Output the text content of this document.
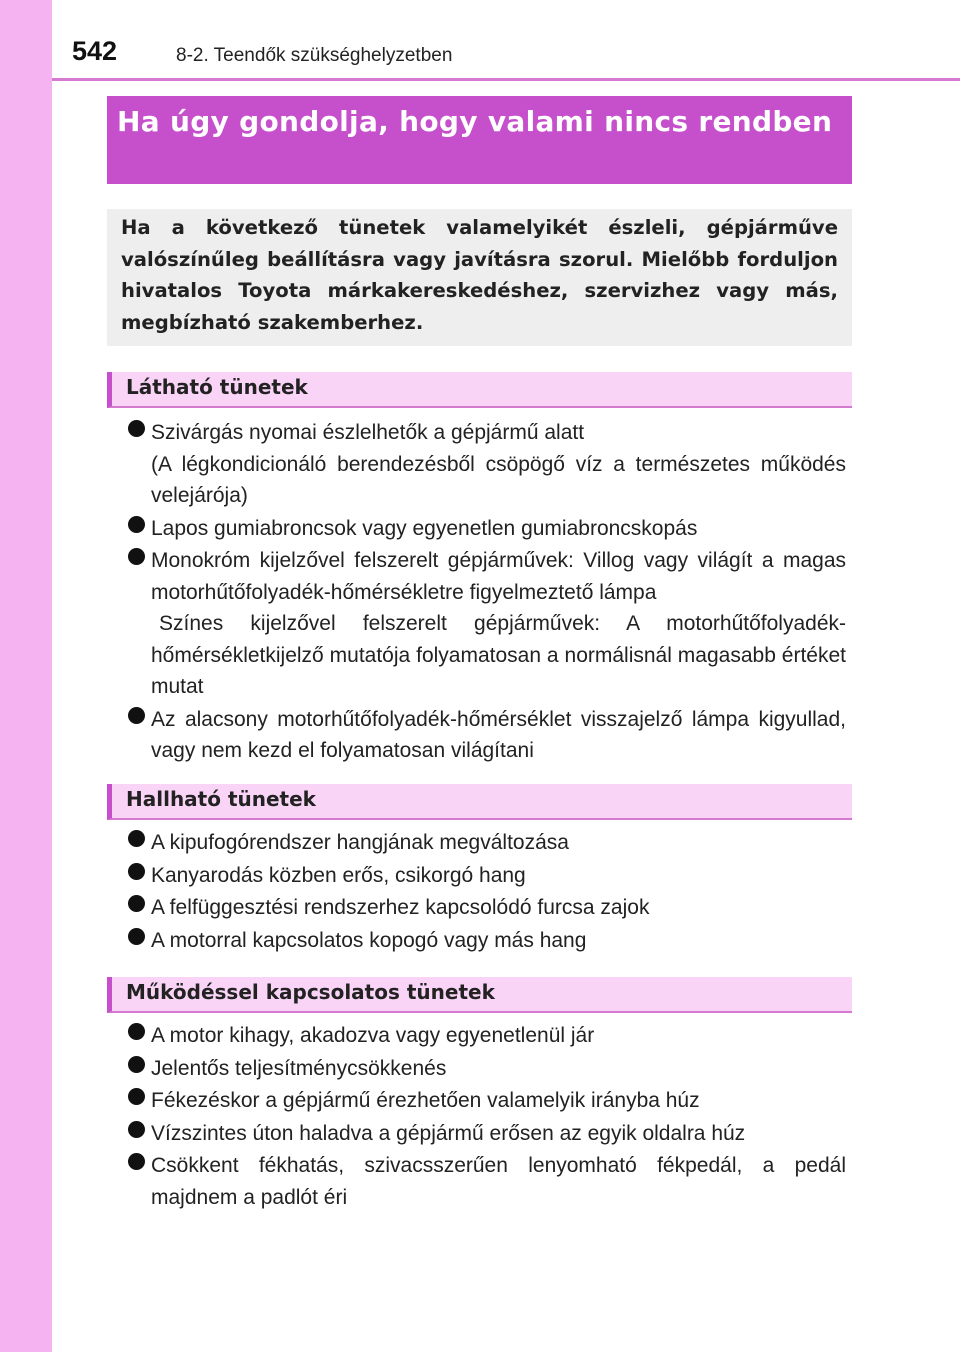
542	8-2. Teendők szükséghelyzetben
Ha úgy gondolja, hogy valami nincs rendben

Ha a következő tünetek valamelyikét észleli, gépjárműve valószínűleg beállításra vagy javításra szorul. Mielőbb forduljon hivatalos Toyota márkakereskedéshez, szervizhez vagy más, megbízható szakemberhez.

Látható tünetek
Szivárgás nyomai észlelhetők a gépjármű alatt
(A légkondicionáló berendezésből csöpögő víz a természetes működés velejárója)
Lapos gumiabroncsok vagy egyenetlen gumiabroncskopás
Monokróm kijelzővel felszerelt gépjárművek: Villog vagy világít a magas motorhűtőfolyadék-hőmérsékletre figyelmeztető lámpa
Színes kijelzővel felszerelt gépjárművek: A motorhűtőfolyadék-hőmérsékletkijelző mutatója folyamatosan a normálisnál magasabb értéket mutat
Az alacsony motorhűtőfolyadék-hőmérséklet visszajelző lámpa kigyullad, vagy nem kezd el folyamatosan világítani
Hallható tünetek
A kipufogórendszer hangjának megváltozása
Kanyarodás közben erős, csikorgó hang
A felfüggesztési rendszerhez kapcsolódó furcsa zajok
A motorral kapcsolatos kopogó vagy más hang
Működéssel kapcsolatos tünetek
A motor kihagy, akadozva vagy egyenetlenül jár
Jelentős teljesítménycsökkenés
Fékezéskor a gépjármű érezhetően valamelyik irányba húz
Vízszintes úton haladva a gépjármű erősen az egyik oldalra húz
Csökkent fékhatás, szivacsszerűen lenyomható fékpedál, a pedál majdnem a padlót éri
